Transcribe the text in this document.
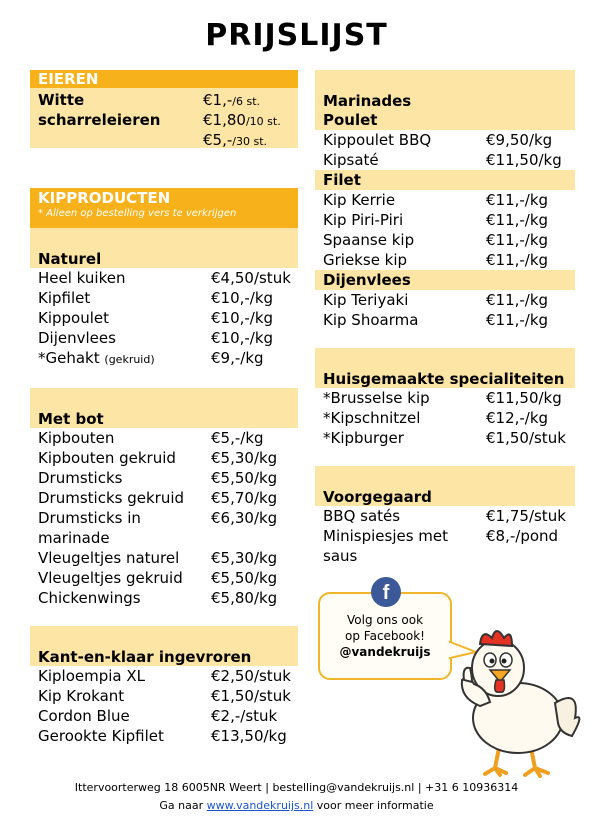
PRIJSLIJST
EIEREN
Witte
scharreleieren
€1,-/6 st.
€1,80/10 st.
€5,-/30 st.
KIPPRODUCTEN
* Alleen op bestelling vers te verkrijgen
Naturel
Heel kuiken	€4,50/stuk
Kipfilet	€10,-/kg
Kippoulet	€10,-/kg
Dijenvlees	€10,-/kg
*Gehakt (gekruid)	€9,-/kg
Met bot
Kipbouten	€5,-/kg
Kipbouten gekruid €5,30/kg
Drumsticks	€5,50/kg
Drumsticks gekruid €5,70/kg
Drumsticks in	€6,30/kg
marinade
Vleugeltjes naturel €5,30/kg
Vleugeltjes gekruid €5,50/kg
Chickenwings	€5,80/kg
Kant-en-klaar ingevroren
Kiploempia XL	€2,50/stuk
Kip Krokant	€1,50/stuk
Cordon Blue	€2,-/stuk
Gerookte Kipfilet	€13,50/kg
Marinades
Poulet
Kippoulet BBQ	€9,50/kg
Kipsaté	€11,50/kg
Filet
Kip Kerrie	€11,-/kg
Kip Piri-Piri	€11,-/kg
Spaanse kip	€11,-/kg
Griekse kip	€11,-/kg
Dijenvlees
Kip Teriyaki	€11,-/kg
Kip Shoarma	€11,-/kg
Huisgemaakte specialiteiten
*Brusselse kip	€11,50/kg
*Kipschnitzel	€12,-/kg
*Kipburger	€1,50/stuk
Voorgegaard
BBQ satés	€1,75/stuk
Minispiesjes met	€8,-/pond
saus
Volg ons ook
op Facebook!
@vandekruijs
f
Ittervoorterweg 18 6005NR Weert | bestelling@vandekruijs.nl | +31 6 10936314
Ga naar www.vandekruijs.nl voor meer informatie
